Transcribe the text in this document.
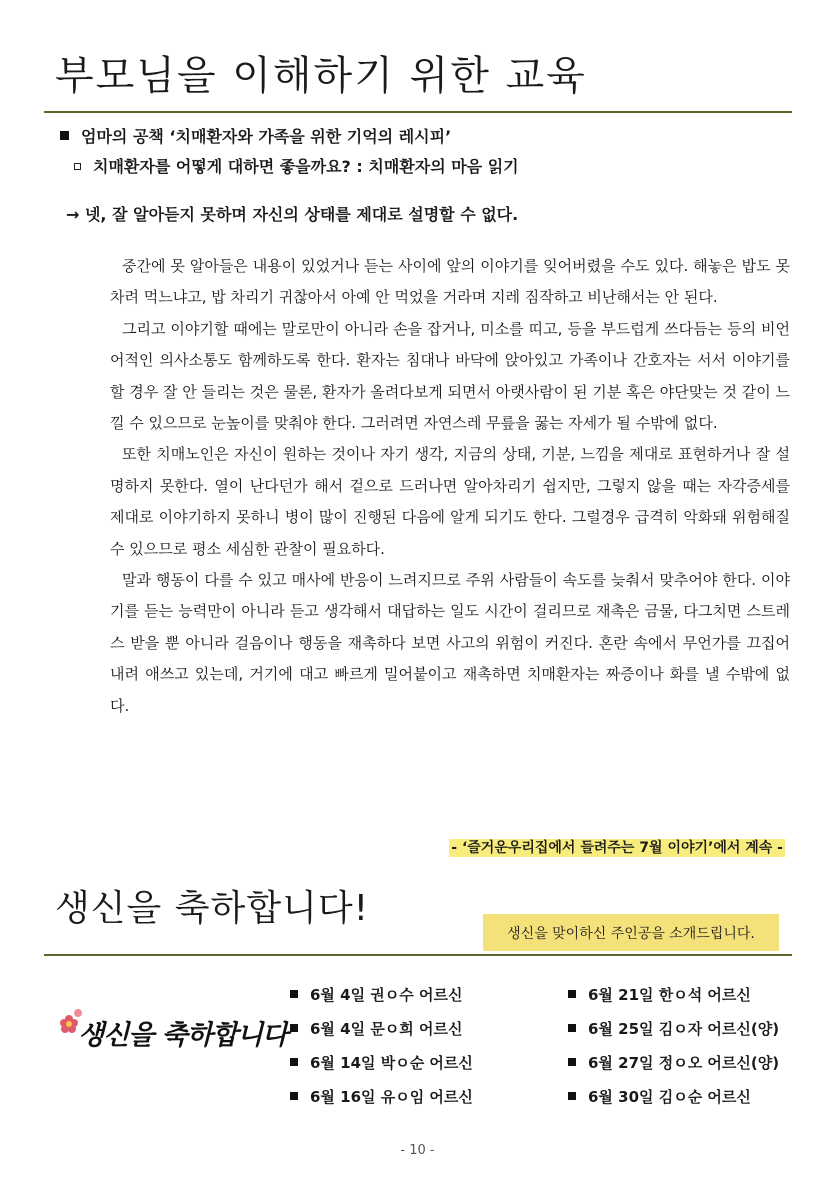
부모님을 이해하기 위한 교육
엄마의 공책 ‘치매환자와 가족을 위한 기억의 레시피’
치매환자를 어떻게 대하면 좋을까요? : 치매환자의 마음 읽기
→ 넷, 잘 알아듣지 못하며 자신의 상태를 제대로 설명할 수 없다.

중간에 못 알아들은 내용이 있었거나 듣는 사이에 앞의 이야기를 잊어버렸을 수도 있다. 해놓은 밥도 못 차려 먹느냐고, 밥 차리기 귀찮아서 아예 안 먹었을 거라며 지레 짐작하고 비난해서는 안 된다.

그리고 이야기할 때에는 말로만이 아니라 손을 잡거나, 미소를 띠고, 등을 부드럽게 쓰다듬는 등의 비언어적인 의사소통도 함께하도록 한다. 환자는 침대나 바닥에 앉아있고 가족이나 간호자는 서서 이야기를 할 경우 잘 안 들리는 것은 물론, 환자가 올려다보게 되면서 아랫사람이 된 기분 혹은 야단맞는 것 같이 느낄 수 있으므로 눈높이를 맞춰야 한다. 그러려면 자연스레 무릎을 꿇는 자세가 될 수밖에 없다.

또한 치매노인은 자신이 원하는 것이나 자기 생각, 지금의 상태, 기분, 느낌을 제대로 표현하거나 잘 설명하지 못한다. 열이 난다던가 해서 겉으로 드러나면 알아차리기 쉽지만, 그렇지 않을 때는 자각증세를 제대로 이야기하지 못하니 병이 많이 진행된 다음에 알게 되기도 한다. 그럴경우 급격히 악화돼 위험해질 수 있으므로 평소 세심한 관찰이 필요하다.

말과 행동이 다를 수 있고 매사에 반응이 느려지므로 주위 사람들이 속도를 늦춰서 맞추어야 한다. 이야기를 듣는 능력만이 아니라 듣고 생각해서 대답하는 일도 시간이 걸리므로 재촉은 금물, 다그치면 스트레스 받을 뿐 아니라 걸음이나 행동을 재촉하다 보면 사고의 위험이 커진다. 혼란 속에서 무언가를 끄집어내려 애쓰고 있는데, 거기에 대고 빠르게 밀어붙이고 재촉하면 치매환자는 짜증이나 화를 낼 수밖에 없다.

- ‘즐거운우리집에서 들려주는 7월 이야기’에서 계속 -
생신을 축하합니다!
생신을 맞이하신 주인공을 소개드립니다.
생신을 축하합니다
6월 4일 권ㅇ수 어르신
6월 4일 문ㅇ희 어르신
6월 14일 박ㅇ순 어르신
6월 16일 유ㅇ임 어르신
6월 21일 한ㅇ석 어르신
6월 25일 김ㅇ자 어르신(양)
6월 27일 정ㅇ오 어르신(양)
6월 30일 김ㅇ순 어르신
- 10 -
